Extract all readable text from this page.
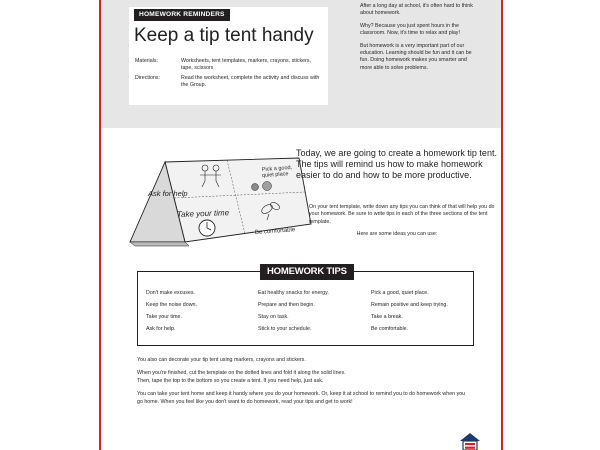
HOMEWORK REMINDERS
Keep a tip tent handy
Materials:	Worksheets, tent templates, markers, crayons, stickers, tape, scissors
Directions:	Read the worksheet, complete the activity and discuss with the Group.

After a long day at school, it's often hard to think about homework.

Why? Because you just spent hours in the classroom. Now, it's time to relax and play!

But homework is a very important part of our education. Learning should be fun and it can be fun. Doing homework makes you smarter and more able to solve problems.

Ask for help
Pick a good,
quiet place
Take your time
Be comfortable
Today, we are going to create a homework tip tent. The tips will remind us how to make homework easier to do and how to be more productive.

On your tent template, write down any tips you can think of that will help you do your homework. Be sure to write tips in each of the three sections of the tent template.

Here are some ideas you can use:

HOMEWORK TIPS
Don't make excuses.
Keep the noise down.
Take your time.
Ask for help.
Eat healthy snacks for energy.
Prepare and then begin.
Stay on task.
Stick to your schedule.
Pick a good, quiet place.
Remain positive and keep trying.
Take a break.
Be comfortable.

You also can decorate your tip tent using markers, crayons and stickers.

When you're finished, cut the template on the dotted lines and fold it along the solid lines.
Then, tape the top to the bottom so you create a tent. If you need help, just ask.

You can take your tent home and keep it handy where you do your homework. Or, keep it at school to remind you to do homework when you go home. When you feel like you don't want to do homework, read your tips and get to work!
